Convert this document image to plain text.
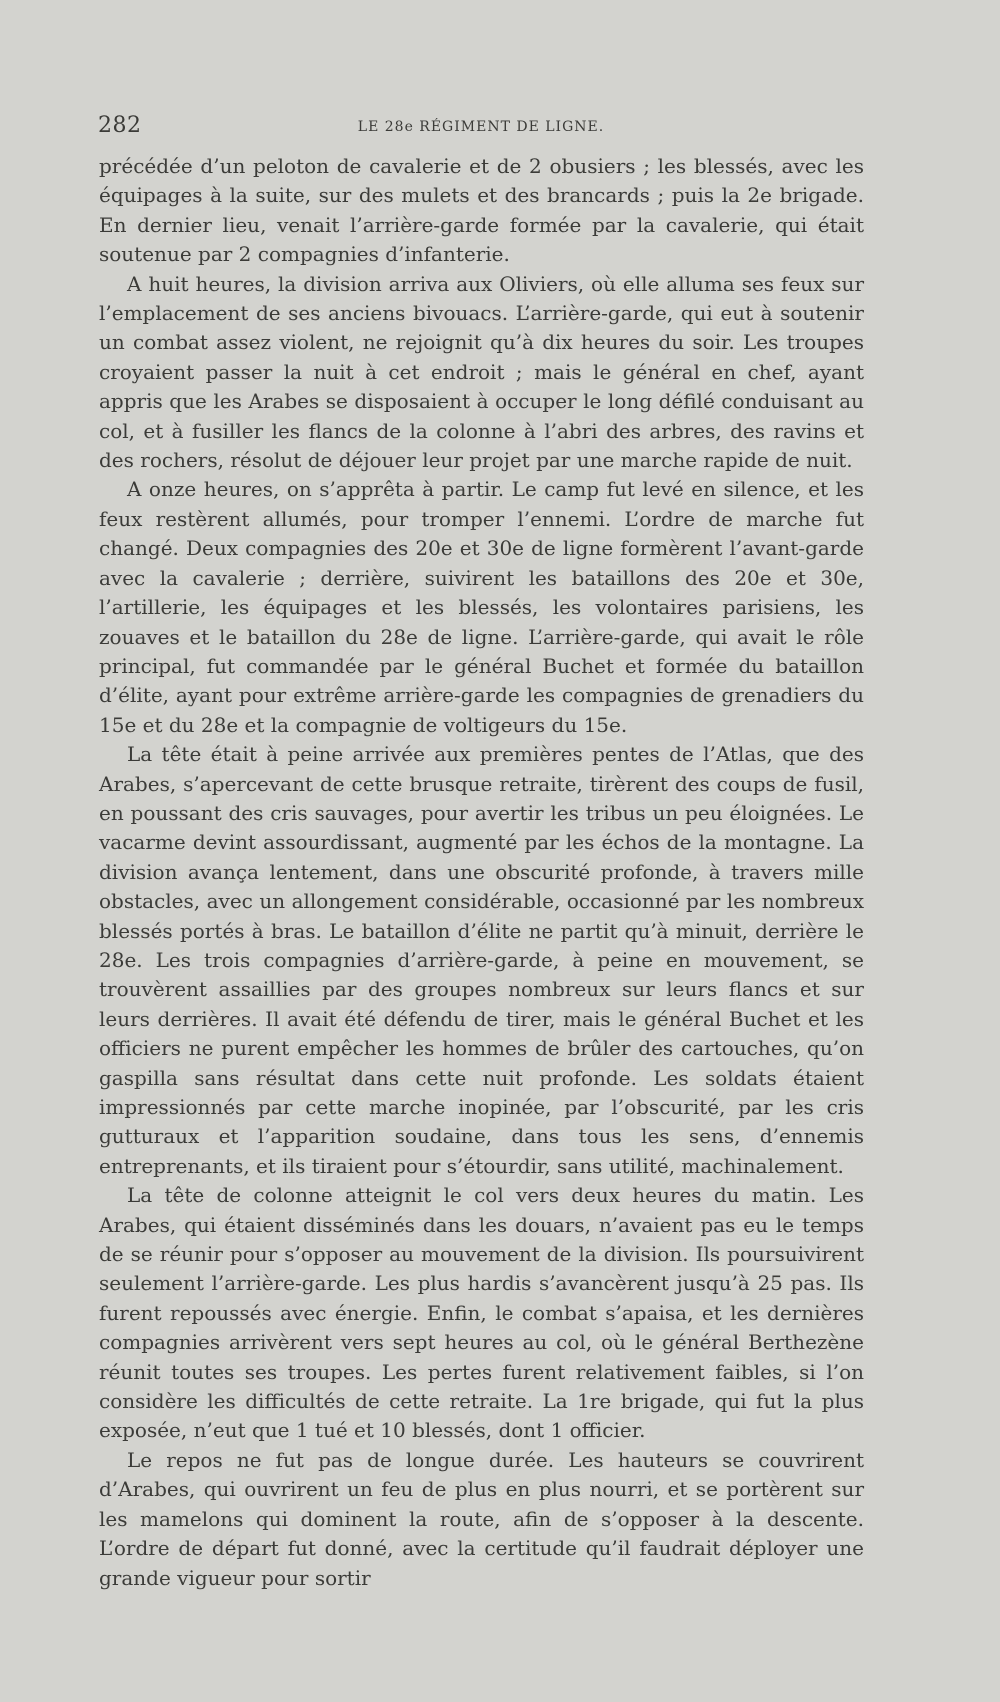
282	LE 28e RÉGIMENT DE LIGNE.

précédée d’un peloton de cavalerie et de 2 obusiers ; les blessés, avec les équipages à la suite, sur des mulets et des brancards ; puis la 2e brigade. En dernier lieu, venait l’arrière-garde formée par la cavalerie, qui était soutenue par 2 compagnies d’infanterie.

A huit heures, la division arriva aux Oliviers, où elle alluma ses feux sur l’emplacement de ses anciens bivouacs. L’arrière-garde, qui eut à soutenir un combat assez violent, ne rejoignit qu’à dix heures du soir. Les troupes croyaient passer la nuit à cet endroit ; mais le général en chef, ayant appris que les Arabes se disposaient à occuper le long défilé conduisant au col, et à fusiller les flancs de la colonne à l’abri des arbres, des ravins et des rochers, résolut de déjouer leur projet par une marche rapide de nuit.

A onze heures, on s’apprêta à partir. Le camp fut levé en silence, et les feux restèrent allumés, pour tromper l’ennemi. L’ordre de marche fut changé. Deux compagnies des 20e et 30e de ligne formèrent l’avant-garde avec la cavalerie ; derrière, suivirent les bataillons des 20e et 30e, l’artillerie, les équipages et les blessés, les volontaires parisiens, les zouaves et le bataillon du 28e de ligne. L’arrière-garde, qui avait le rôle principal, fut commandée par le général Buchet et formée du bataillon d’élite, ayant pour extrême arrière-garde les compagnies de grenadiers du 15e et du 28e et la compagnie de voltigeurs du 15e.

La tête était à peine arrivée aux premières pentes de l’Atlas, que des Arabes, s’apercevant de cette brusque retraite, tirèrent des coups de fusil, en poussant des cris sauvages, pour avertir les tribus un peu éloignées. Le vacarme devint assourdissant, augmenté par les échos de la montagne. La division avança lentement, dans une obscurité profonde, à travers mille obstacles, avec un allongement considérable, occasionné par les nombreux blessés portés à bras. Le bataillon d’élite ne partit qu’à minuit, derrière le 28e. Les trois compagnies d’arrière-garde, à peine en mouvement, se trouvèrent assaillies par des groupes nombreux sur leurs flancs et sur leurs derrières. Il avait été défendu de tirer, mais le général Buchet et les officiers ne purent empêcher les hommes de brûler des cartouches, qu’on gaspilla sans résultat dans cette nuit profonde. Les soldats étaient impressionnés par cette marche inopinée, par l’obscurité, par les cris gutturaux et l’apparition soudaine, dans tous les sens, d’ennemis entreprenants, et ils tiraient pour s’étourdir, sans utilité, machinalement.

La tête de colonne atteignit le col vers deux heures du matin. Les Arabes, qui étaient disséminés dans les douars, n’avaient pas eu le temps de se réunir pour s’opposer au mouvement de la division. Ils poursuivirent seulement l’arrière-garde. Les plus hardis s’avancèrent jusqu’à 25 pas. Ils furent repoussés avec énergie. Enfin, le combat s’apaisa, et les dernières compagnies arrivèrent vers sept heures au col, où le général Berthezène réunit toutes ses troupes. Les pertes furent relativement faibles, si l’on considère les difficultés de cette retraite. La 1re brigade, qui fut la plus exposée, n’eut que 1 tué et 10 blessés, dont 1 officier.

Le repos ne fut pas de longue durée. Les hauteurs se couvrirent d’Arabes, qui ouvrirent un feu de plus en plus nourri, et se portèrent sur les mamelons qui dominent la route, afin de s’opposer à la descente. L’ordre de départ fut donné, avec la certitude qu’il faudrait déployer une grande vigueur pour sortir
